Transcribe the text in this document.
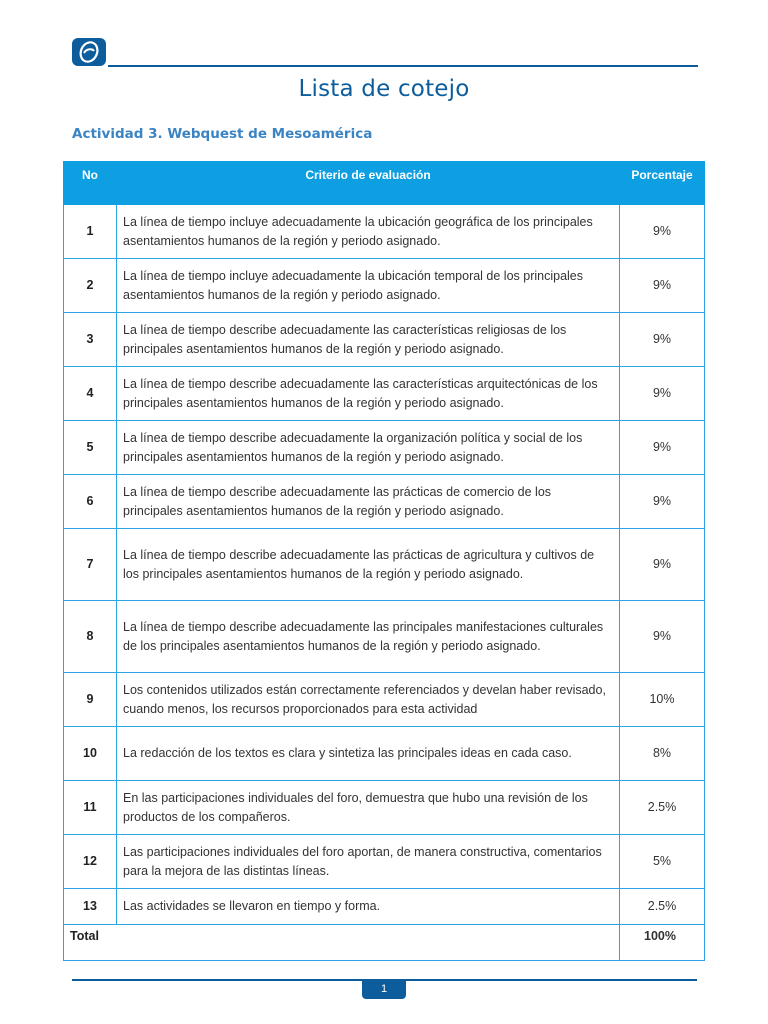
Lista de cotejo
Actividad 3. Webquest de Mesoamérica
No	Criterio de evaluación	Porcentaje
1	La línea de tiempo incluye adecuadamente la ubicación geográfica de los principales asentamientos humanos de la región y periodo asignado.	9%
2	La línea de tiempo incluye adecuadamente la ubicación temporal de los principales asentamientos humanos de la región y periodo asignado.	9%
3	La línea de tiempo describe adecuadamente las características religiosas de los principales asentamientos humanos de la región y periodo asignado.	9%
4	La línea de tiempo describe adecuadamente las características arquitectónicas de los principales asentamientos humanos de la región y periodo asignado.	9%
5	La línea de tiempo describe adecuadamente la organización política y social de los principales asentamientos humanos de la región y periodo asignado.	9%
6	La línea de tiempo describe adecuadamente las prácticas de comercio de los principales asentamientos humanos de la región y periodo asignado.	9%
7	La línea de tiempo describe adecuadamente las prácticas de agricultura y cultivos de los principales asentamientos humanos de la región y periodo asignado.	9%
8	La línea de tiempo describe adecuadamente las principales manifestaciones culturales de los principales asentamientos humanos de la región y periodo asignado.	9%
9	Los contenidos utilizados están correctamente referenciados y develan haber revisado, cuando menos, los recursos proporcionados para esta actividad	10%
10	La redacción de los textos es clara y sintetiza las principales ideas en cada caso.	8%
11	En las participaciones individuales del foro, demuestra que hubo una revisión de los productos de los compañeros.	2.5%
12	Las participaciones individuales del foro aportan, de manera constructiva, comentarios para la mejora de las distintas líneas.	5%
13	Las actividades se llevaron en tiempo y forma.	2.5%
Total		100%
1
